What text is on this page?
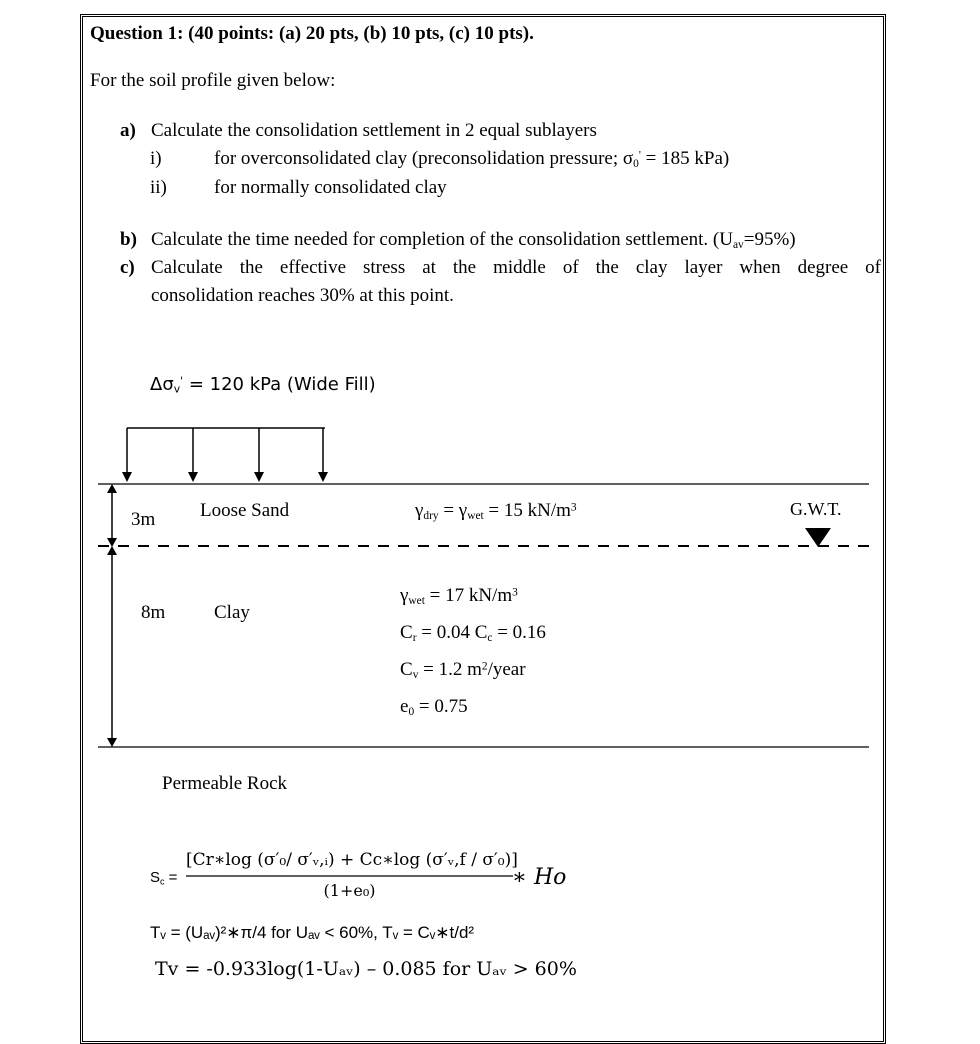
Question 1: (40 points: (a) 20 pts, (b) 10 pts, (c) 10 pts).
For the soil profile given below:
a) Calculate the consolidation settlement in 2 equal sublayers
i)	for overconsolidated clay (preconsolidation pressure; $\sigma_0' = 185$ kPa)
ii) for normally consolidated clay
b) Calculate the time needed for completion of the consolidation settlement. $(U_{av}=95\%)$
c) Calculate the effective stress at the middle of the clay layer when degree of
consolidation reaches 30% at this point.
$\Delta\sigma_v' = 120$ kPa (Wide Fill)
3m Loose Sand	$\gamma_{dry} = \gamma_{wet} = 15$ $kN/m^3$	G.W.T.
8m	Clay
$\gamma_{wet} = 17$ $kN/m^3$
$C_r = 0.04$ $C_c = 0.16$
$C_v = 1.2$ $m^2$/year
$e_0 = 0.75$
Permeable Rock
$S_c$ =
[Cr∗log (σ′₀/ σ′ᵥ,ᵢ) + Cc∗log (σ′ᵥ,f / σ′₀)]
(1+e₀)
∗ Ho
Tᵥ = (Uₐᵥ)²∗π/4 for Uₐᵥ < 60%, Tᵥ = Cᵥ∗t/d²
Tv = -0.933log(1-Uₐᵥ) – 0.085 for Uₐᵥ > 60%
